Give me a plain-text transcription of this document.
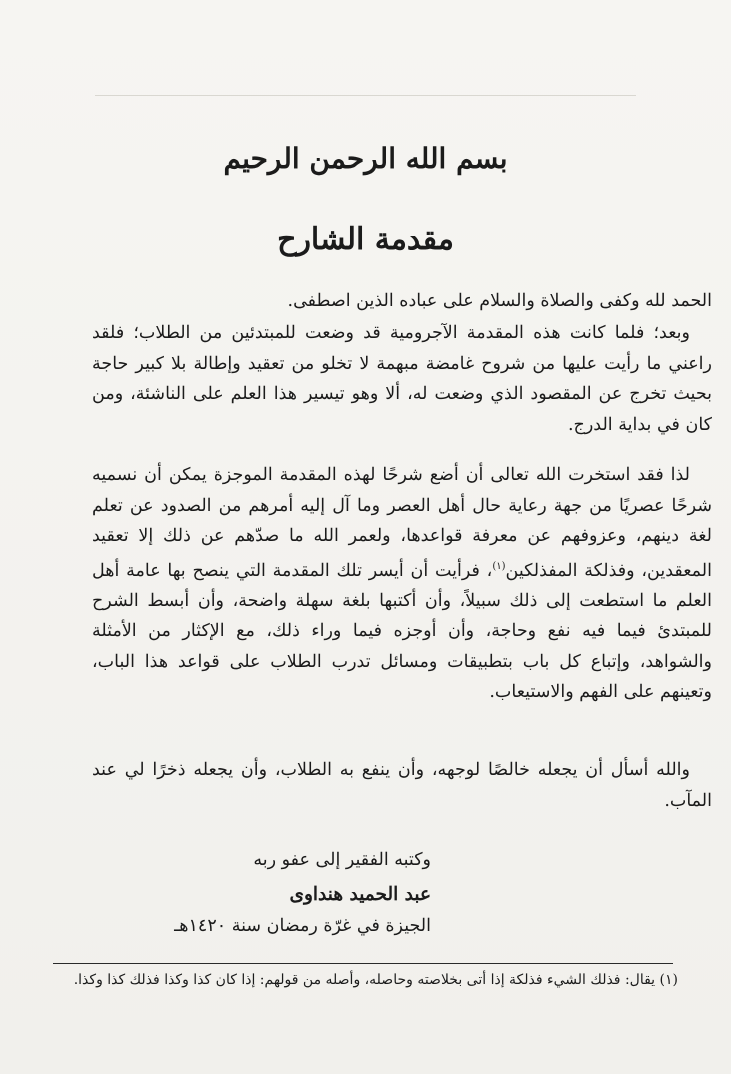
بسم الله الرحمن الرحيم
مقدمة الشارح

الحمد لله وكفى والصلاة والسلام على عباده الذين اصطفى.

وبعد؛ فلما كانت هذه المقدمة الآجرومية قد وضعت للمبتدئين من الطلاب؛ فلقد راعني ما رأيت عليها من شروح غامضة مبهمة لا تخلو من تعقيد وإطالة بلا كبير حاجة بحيث تخرج عن المقصود الذي وضعت له، ألا وهو تيسير هذا العلم على الناشئة، ومن كان في بداية الدرج.

لذا فقد استخرت الله تعالى أن أضع شرحًا لهذه المقدمة الموجزة يمكن أن نسميه شرحًا عصريًا من جهة رعاية حال أهل العصر وما آل إليه أمرهم من الصدود عن تعلم لغة دينهم، وعزوفهم عن معرفة قواعدها، ولعمر الله ما صدّهم عن ذلك إلا تعقيد المعقدين، وفذلكة المفذلكين$^{(١)}$، فرأيت أن أيسر تلك المقدمة التي ينصح بها عامة أهل العلم ما استطعت إلى ذلك سبيلاً، وأن أكتبها بلغة سهلة واضحة، وأن أبسط الشرح للمبتدئ فيما فيه نفع وحاجة، وأن أوجزه فيما وراء ذلك، مع الإكثار من الأمثلة والشواهد، وإتباع كل باب بتطبيقات ومسائل تدرب الطلاب على قواعد هذا الباب، وتعينهم على الفهم والاستيعاب.

والله أسأل أن يجعله خالصًا لوجهه، وأن ينفع به الطلاب، وأن يجعله ذخرًا لي عند المآب.

وكتبه الفقير إلى عفو ربه
عبد الحميد هنداوى
الجيزة في غرّة رمضان سنة ١٤٢٠هـ

(١) يقال: فذلك الشيء فذلكة إذا أتى بخلاصته وحاصله، وأصله من قولهم: إذا كان كذا وكذا فذلك كذا وكذا.
